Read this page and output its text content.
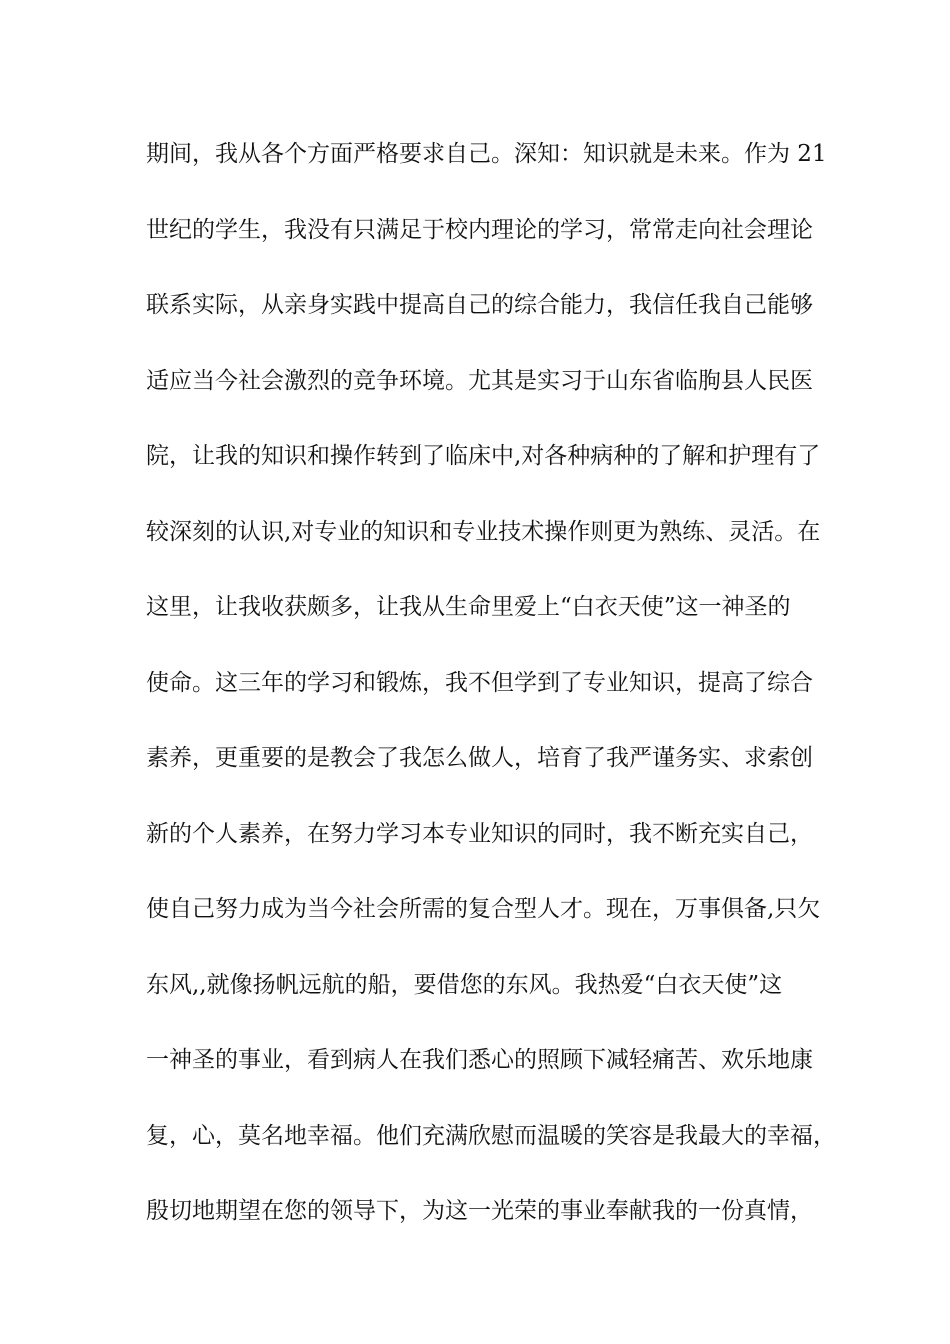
期间，我从各个方面严格要求自己。深知：知识就是未来。作为 21
世纪的学生，我没有只满足于校内理论的学习，常常走向社会理论
联系实际，从亲身实践中提高自己的综合能力，我信任我自己能够
适应当今社会激烈的竞争环境。尤其是实习于山东省临朐县人民医
院，让我的知识和操作转到了临床中,对各种病种的了解和护理有了
较深刻的认识,对专业的知识和专业技术操作则更为熟练、灵活。在
这里，让我收获颇多，让我从生命里爱上“白衣天使”这一神圣的
使命。这三年的学习和锻炼，我不但学到了专业知识，提高了综合
素养，更重要的是教会了我怎么做人，培育了我严谨务实、求索创
新的个人素养，在努力学习本专业知识的同时，我不断充实自己，
使自己努力成为当今社会所需的复合型人才。现在，万事俱备,只欠
东风,,就像扬帆远航的船，要借您的东风。我热爱“白衣天使”这
一神圣的事业，看到病人在我们悉心的照顾下减轻痛苦、欢乐地康
复，心，莫名地幸福。他们充满欣慰而温暖的笑容是我最大的幸福，
殷切地期望在您的领导下，为这一光荣的事业奉献我的一份真情，
